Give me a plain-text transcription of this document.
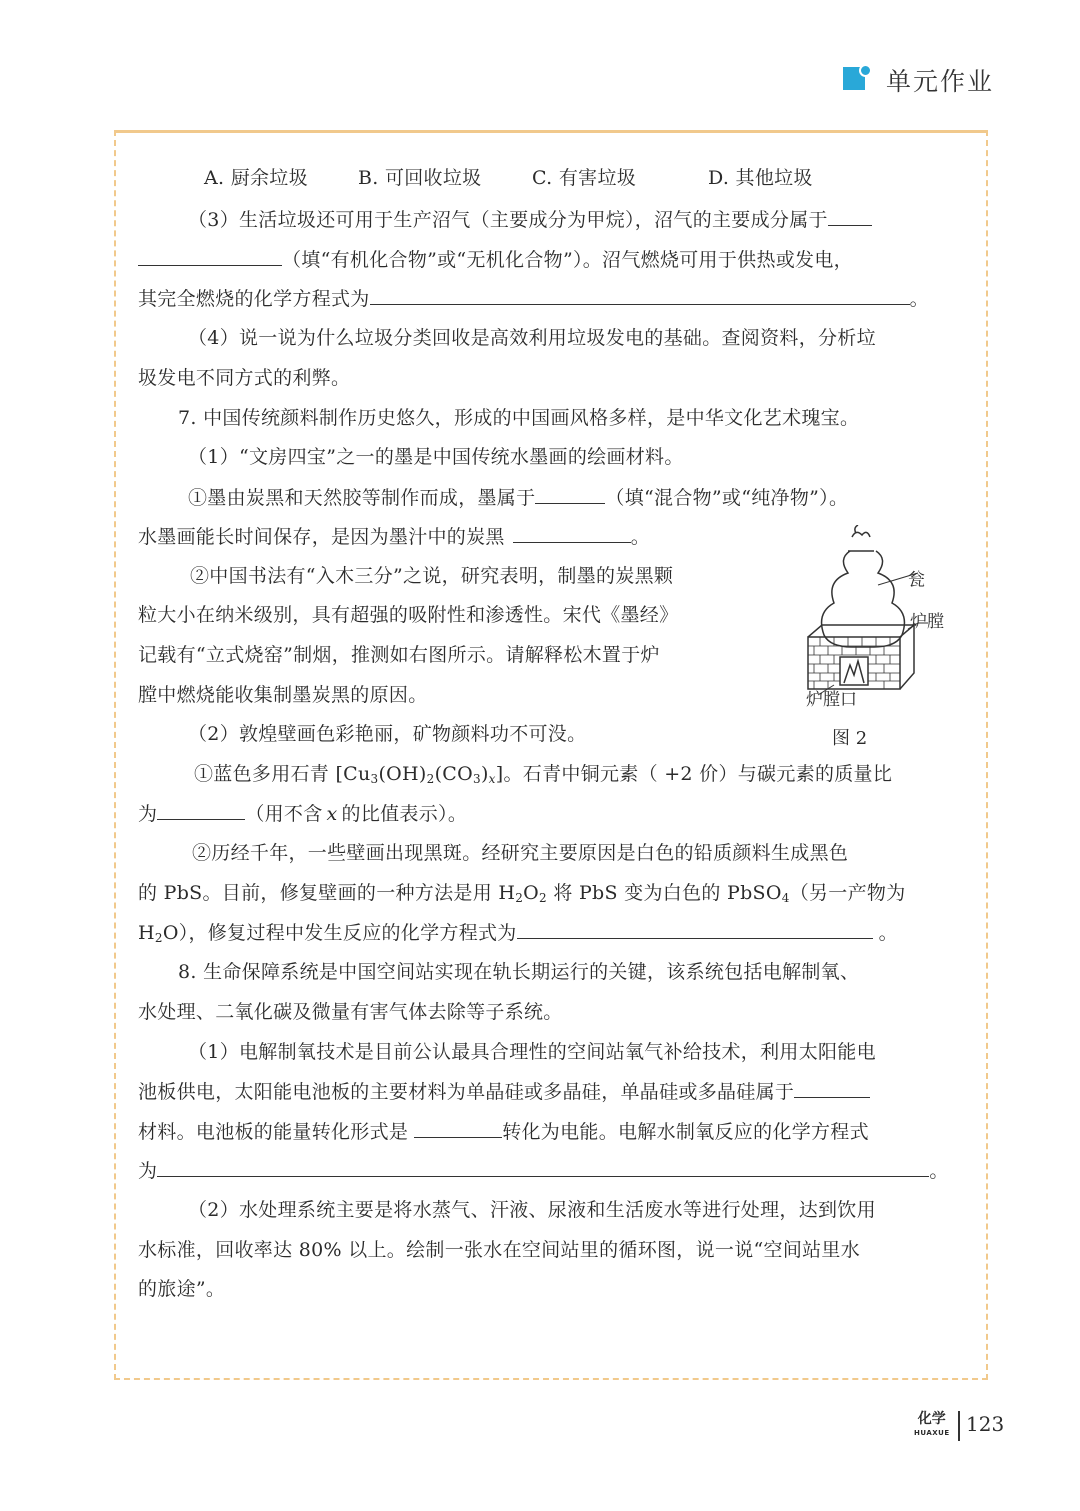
单元作业
A. 厨余垃圾	B. 可回收垃圾	C. 有害垃圾	D. 其他垃圾
（3）生活垃圾还可用于生产沼气（主要成分为甲烷），沼气的主要成分属于
（填“有机化合物”或“无机化合物”）。沼气燃烧可用于供热或发电，
其完全燃烧的化学方程式为	。
（4）说一说为什么垃圾分类回收是高效利用垃圾发电的基础。查阅资料，分析垃
圾发电不同方式的利弊。
7. 中国传统颜料制作历史悠久，形成的中国画风格多样，是中华文化艺术瑰宝。
（1）“文房四宝”之一的墨是中国传统水墨画的绘画材料。
①墨由炭黑和天然胶等制作而成，墨属于	（填“混合物”或“纯净物”）。
水墨画能长时间保存，是因为墨汁中的炭黑	。
②中国书法有“入木三分”之说，研究表明，制墨的炭黑颗
粒大小在纳米级别，具有超强的吸附性和渗透性。宋代《墨经》
记载有“立式烧窑”制烟，推测如右图所示。请解释松木置于炉
膛中燃烧能收集制墨炭黑的原因。
瓮
炉膛
炉膛口
图 2
（2）敦煌壁画色彩艳丽，矿物颜料功不可没。
①蓝色多用石青 $[Cu_3(OH)_2(CO_3)_x]$。石青中铜元素（ +2 价）与碳元素的质量比
为	（用不含 x 的比值表示）。
②历经千年，一些壁画出现黑斑。经研究主要原因是白色的铅质颜料生成黑色
的 PbS。目前，修复壁画的一种方法是用 $H_2O_2$ 将 PbS 变为白色的 PbSO$_4$（另一产物为
$H_2O$），修复过程中发生反应的化学方程式为	。
8. 生命保障系统是中国空间站实现在轨长期运行的关键，该系统包括电解制氧、
水处理、二氧化碳及微量有害气体去除等子系统。
（1）电解制氧技术是目前公认最具合理性的空间站氧气补给技术，利用太阳能电
池板供电，太阳能电池板的主要材料为单晶硅或多晶硅，单晶硅或多晶硅属于
材料。电池板的能量转化形式是	转化为电能。电解水制氧反应的化学方程式
为	。
（2）水处理系统主要是将水蒸气、汗液、尿液和生活废水等进行处理，达到饮用
水标准，回收率达 80% 以上。绘制一张水在空间站里的循环图，说一说“空间站里水
的旅途”。
化学
HUAXUE 123
